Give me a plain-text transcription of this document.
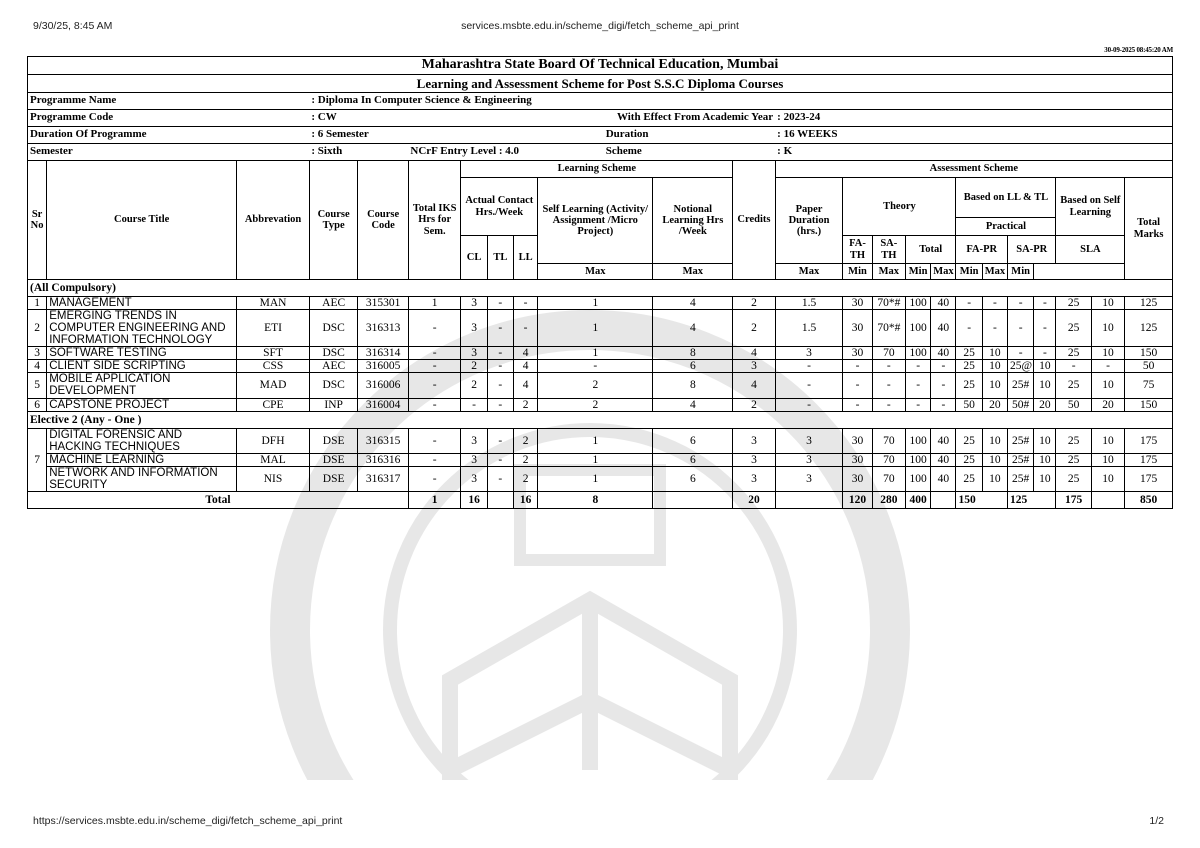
9/30/25, 8:45 AM	services.msbte.edu.in/scheme_digi/fetch_scheme_api_print
30-09-2025 08:45:20 AM
Maharashtra State Board Of Technical Education, Mumbai																							
Learning and Assessment Scheme for Post S.S.C Diploma Courses																							
Programme Name			: Diploma In Computer Science & Engineering																				
Programme Code			: CW						With Effect From Academic Year			: 2023-24											
Duration Of Programme			: 6 Semester						Duration			: 16 WEEKS											
Semester			: Sixth		NCrF Entry Level : 4.0				Scheme			: K											
Sr No	Course Title	Abbrevation	Course Type	Course Code	Total IKS Hrs for Sem.	Learning Scheme					Credits	Assessment Scheme											
						Actual Contact Hrs./Week			Self Learning (Activity/ Assignment /Micro Project)	Notional Learning Hrs /Week		Paper Duration (hrs.)	Theory				Based on LL & TL				Based on Self Learning		Total Marks
																	Practical						
						CL	TL	LL					FA-TH	SA-TH	Total		FA-PR		SA-PR		SLA		
									Max	Max		Max	Min	Max	Min	Max	Min	Max	Min				
(All Compulsory)																							
1	MANAGEMENT	MAN	AEC	315301	1	3	-	-	1	4	2	1.5	30	70*#	100	40	-	-	-	-	25	10	125
2	EMERGING TRENDS IN COMPUTER ENGINEERING AND INFORMATION TECHNOLOGY	ETI	DSC	316313	-	3	-	-	1	4	2	1.5	30	70*#	100	40	-	-	-	-	25	10	125
3	SOFTWARE TESTING	SFT	DSC	316314	-	3	-	4	1	8	4	3	30	70	100	40	25	10	-	-	25	10	150
4	CLIENT SIDE SCRIPTING	CSS	AEC	316005	-	2	-	4	-	6	3	-	-	-	-	-	25	10	25@	10	-	-	50
5	MOBILE APPLICATION DEVELOPMENT	MAD	DSC	316006	-	2	-	4	2	8	4	-	-	-	-	-	25	10	25#	10	25	10	75
6	CAPSTONE PROJECT	CPE	INP	316004	-	-	-	2	2	4	2	-	-	-	-	-	50	20	50#	20	50	20	150
Elective 2 (Any - One )																							
7	DIGITAL FORENSIC AND HACKING TECHNIQUES	DFH	DSE	316315	-	3	-	2	1	6	3	3	30	70	100	40	25	10	25#	10	25	10	175
	MACHINE LEARNING	MAL	DSE	316316	-	3	-	2	1	6	3	3	30	70	100	40	25	10	25#	10	25	10	175
	NETWORK AND INFORMATION SECURITY	NIS	DSE	316317	-	3	-	2	1	6	3	3	30	70	100	40	25	10	25#	10	25	10	175
Total					1	16		16	8		20		120	280	400		150		125		175		850
https://services.msbte.edu.in/scheme_digi/fetch_scheme_api_print	1/2
